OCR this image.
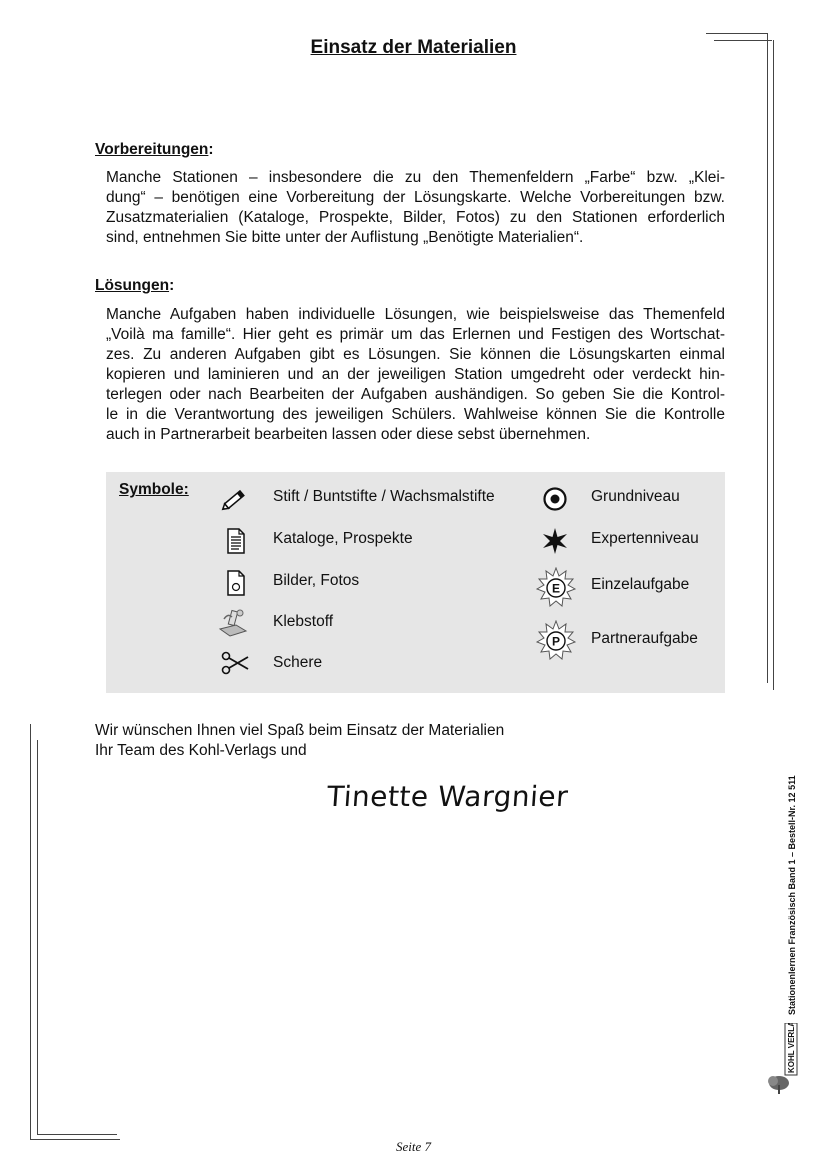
Einsatz der Materialien
Vorbereitungen:
Manche Stationen – insbesondere die zu den Themenfeldern „Farbe“ bzw. „Klei-
dung“ – benötigen eine Vorbereitung der Lösungskarte. Welche Vorbereitungen bzw.
Zusatzmaterialien (Kataloge, Prospekte, Bilder, Fotos) zu den Stationen erforderlich
sind, entnehmen Sie bitte unter der Auflistung „Benötigte Materialien“.
Lösungen:
Manche Aufgaben haben individuelle Lösungen, wie beispielsweise das Themenfeld
„Voilà ma famille“. Hier geht es primär um das Erlernen und Festigen des Wortschat-
zes. Zu anderen Aufgaben gibt es Lösungen. Sie können die Lösungskarten einmal
kopieren und laminieren und an der jeweiligen Station umgedreht oder verdeckt hin-
terlegen oder nach Bearbeiten der Aufgaben aushändigen. So geben Sie die Kontrol-
le in die Verantwortung des jeweiligen Schülers. Wahlweise können Sie die Kontrolle
auch in Partnerarbeit bearbeiten lassen oder diese sebst übernehmen.
Symbole:	Stift / Buntstifte / Wachsmalstifte
Kataloge, Prospekte
Bilder, Fotos
Klebstoff
Schere
Grundniveau
Expertenniveau
E Einzelaufgabe
P Partneraufgabe
Wir wünschen Ihnen viel Spaß beim Einsatz der Materialien
Ihr Team des Kohl-Verlags und
Tinette Wargnier	Stationenlernen Französisch Band 1 – Bestell-Nr. 12 511
KOHL VERLAG
Seite 7
